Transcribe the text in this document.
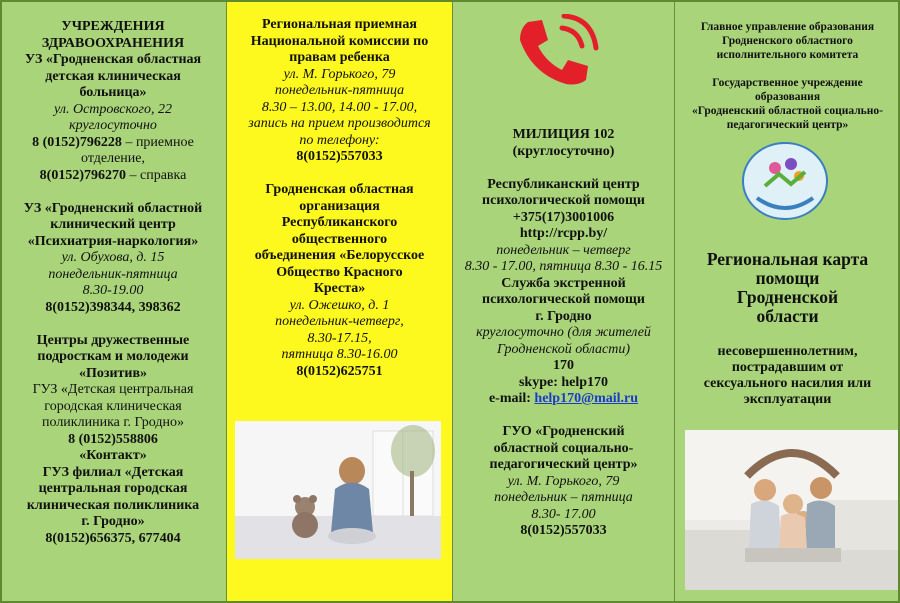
УЧРЕЖДЕНИЯ
ЗДРАВООХРАНЕНИЯ
УЗ «Гродненская областная
детская клиническая
больница»
ул. Островского, 22
круглосуточно
8 (0152)796228 – приемное
отделение,
8(0152)796270 – справка

УЗ «Гродненский областной
клинический центр
«Психиатрия-наркология»
ул. Обухова, д. 15
понедельник-пятница
8.30-19.00
8(0152)398344, 398362

Центры дружественные
подросткам и молодежи
«Позитив»
ГУЗ «Детская центральная
городская клиническая
поликлиника г. Гродно»
8 (0152)558806
«Контакт»
ГУЗ филиал «Детская
центральная городская
клиническая поликлиника
г. Гродно»
8(0152)656375, 677404
Региональная приемная
Национальной комиссии по
правам ребенка
ул. М. Горького, 79
понедельник-пятница
8.30 – 13.00, 14.00 - 17.00,
запись на прием производится
по телефону:
8(0152)557033

Гродненская областная
организация
Республиканского
общественного
объединения «Белорусское
Общество Красного
Креста»
ул. Ожешко, д. 1
понедельник-четверг,
8.30-17.15,
пятница 8.30-16.00
8(0152)625751
МИЛИЦИЯ 102
(круглосуточно)

Республиканский центр
психологической помощи
+375(17)3001006
http://rcpp.by/
понедельник – четверг
8.30 - 17.00, пятница 8.30 - 16.15
Служба экстренной
психологической помощи
г. Гродно
круглосуточно (для жителей
Гродненской области)
170
skype: help170
e-mail: help170@mail.ru

ГУО «Гродненский
областной социально-
педагогический центр»
ул. М. Горького, 79
понедельник – пятница
8.30- 17.00
8(0152)557033
Главное управление образования
Гродненского областного
исполнительного комитета

Государственное учреждение
образования
«Гродненский областной социально-
педагогический центр»
Региональная карта
помощи
Гродненской
области
несовершеннолетним,
пострадавшим от
сексуального насилия или
эксплуатации
